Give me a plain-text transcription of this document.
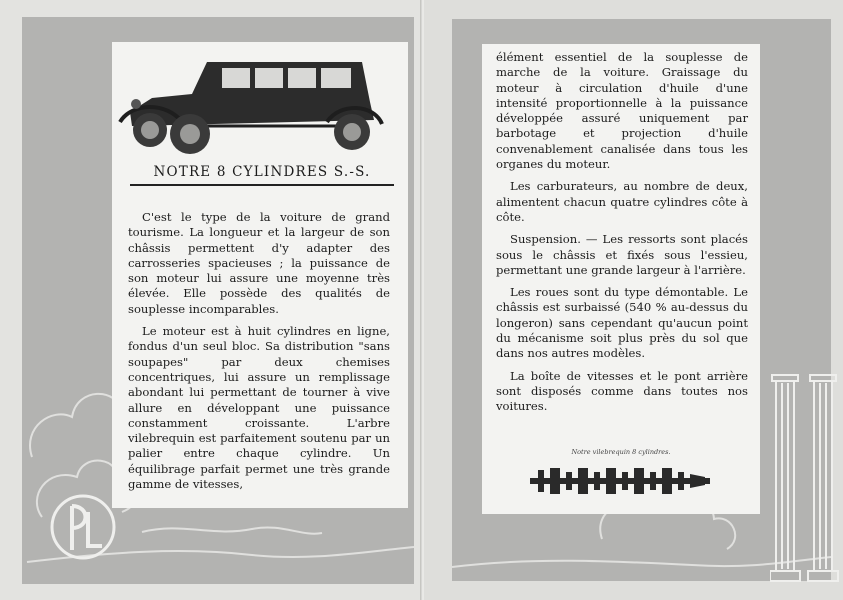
NOTRE 8 CYLINDRES S.-S.

C'est le type de la voiture de grand tourisme. La longueur et la largeur de son châssis permettent d'y adapter des carrosseries spacieuses ; la puissance de son moteur lui assure une moyenne très élevée. Elle possède des qualités de souplesse incomparables.

Le moteur est à huit cylindres en ligne, fondus d'un seul bloc. Sa distribution "sans soupapes" par deux chemises concentriques, lui assure un remplissage abondant lui permettant de tourner à vive allure en développant une puissance constamment croissante. L'arbre vilebrequin est parfaitement soutenu par un palier entre chaque cylindre. Un équilibrage parfait permet une très grande gamme de vitesses,

élément essentiel de la souplesse de marche de la voiture. Graissage du moteur à circulation d'huile d'une intensité proportionnelle à la puissance développée assuré uniquement par barbotage et projection d'huile convenablement canalisée dans tous les organes du moteur.

Les carburateurs, au nombre de deux, alimentent chacun quatre cylindres côte à côte.

Suspension. — Les ressorts sont placés sous le châssis et fixés sous l'essieu, permettant une grande largeur à l'arrière.

Les roues sont du type démontable. Le châssis est surbaissé (540 % au-dessus du longeron) sans cependant qu'aucun point du mécanisme soit plus près du sol que dans nos autres modèles.

La boîte de vitesses et le pont arrière sont disposés comme dans toutes nos voitures.

Notre vilebrequin 8 cylindres.
